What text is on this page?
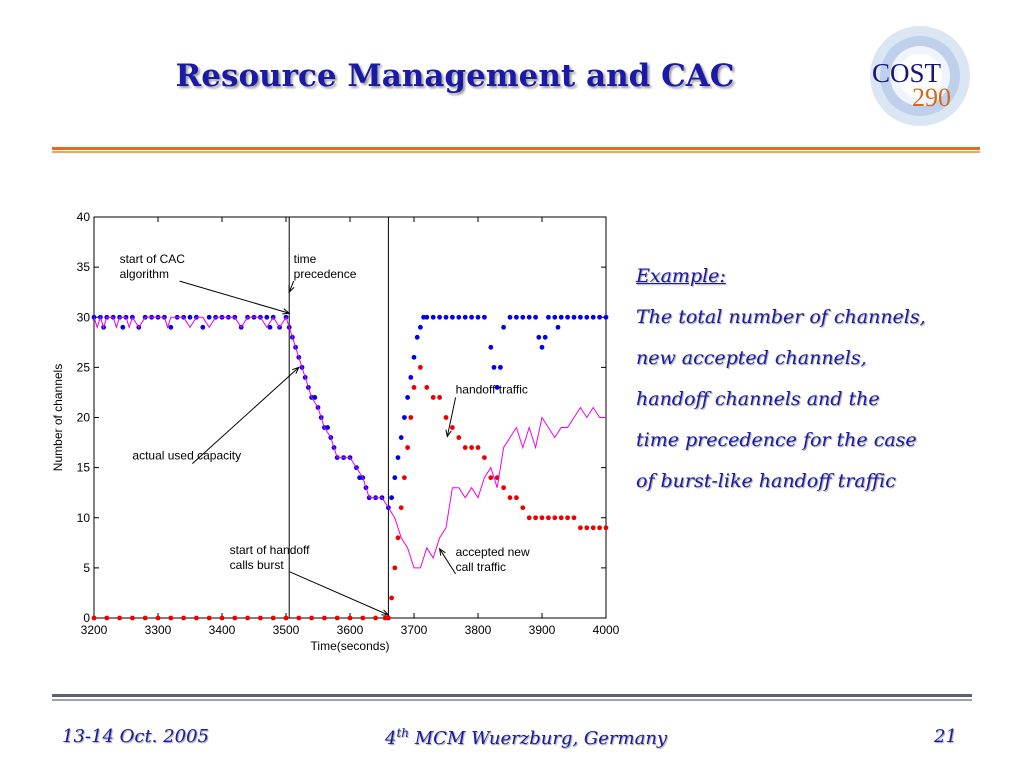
Resource Management and CAC	COST
290
3200	3300	3400	3500	3600	3700	3800	3900	4000
0
5
10
15
20
25
30
35
40
Time(seconds)
Number of channels
start of CAC
algorithm
time
precedence
handoff traffic
actual used capacity
start of handoff
calls burst
accepted new
call traffic
Example:
The total number of channels,
new accepted channels,
handoff channels and the
time precedence for the case
of burst-like handoff traffic
13-14 Oct. 2005	4th MCM Wuerzburg, Germany	21
